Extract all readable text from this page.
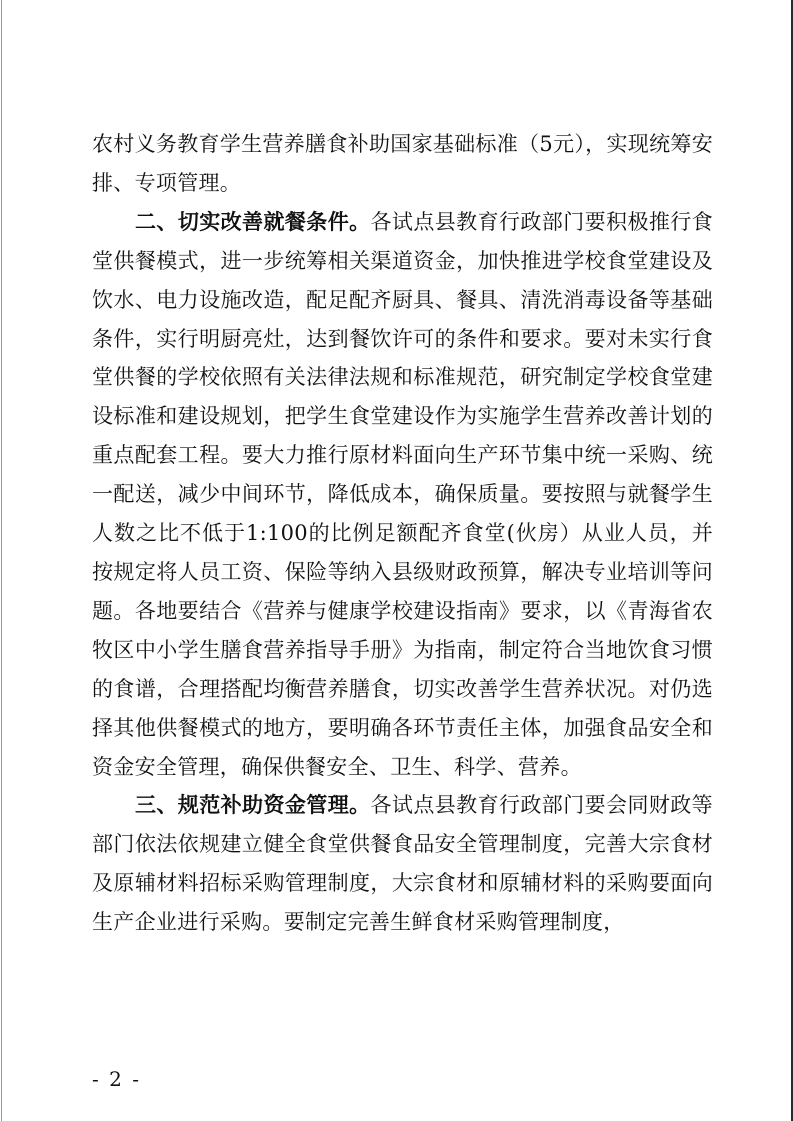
农村义务教育学生营养膳食补助国家基础标准（5元），实现统筹安排、专项管理。

二、切实改善就餐条件。各试点县教育行政部门要积极推行食堂供餐模式，进一步统筹相关渠道资金，加快推进学校食堂建设及饮水、电力设施改造，配足配齐厨具、餐具、清洗消毒设备等基础条件，实行明厨亮灶，达到餐饮许可的条件和要求。要对未实行食堂供餐的学校依照有关法律法规和标准规范，研究制定学校食堂建设标准和建设规划，把学生食堂建设作为实施学生营养改善计划的重点配套工程。要大力推行原材料面向生产环节集中统一采购、统一配送，减少中间环节，降低成本，确保质量。要按照与就餐学生人数之比不低于1:100的比例足额配齐食堂(伙房）从业人员，并按规定将人员工资、保险等纳入县级财政预算，解决专业培训等问题。各地要结合《营养与健康学校建设指南》要求，以《青海省农牧区中小学生膳食营养指导手册》为指南，制定符合当地饮食习惯的食谱，合理搭配均衡营养膳食，切实改善学生营养状况。对仍选择其他供餐模式的地方，要明确各环节责任主体，加强食品安全和资金安全管理，确保供餐安全、卫生、科学、营养。

三、规范补助资金管理。各试点县教育行政部门要会同财政等部门依法依规建立健全食堂供餐食品安全管理制度，完善大宗食材及原辅材料招标采购管理制度，大宗食材和原辅材料的采购要面向生产企业进行采购。要制定完善生鲜食材采购管理制度，

- 2 -
